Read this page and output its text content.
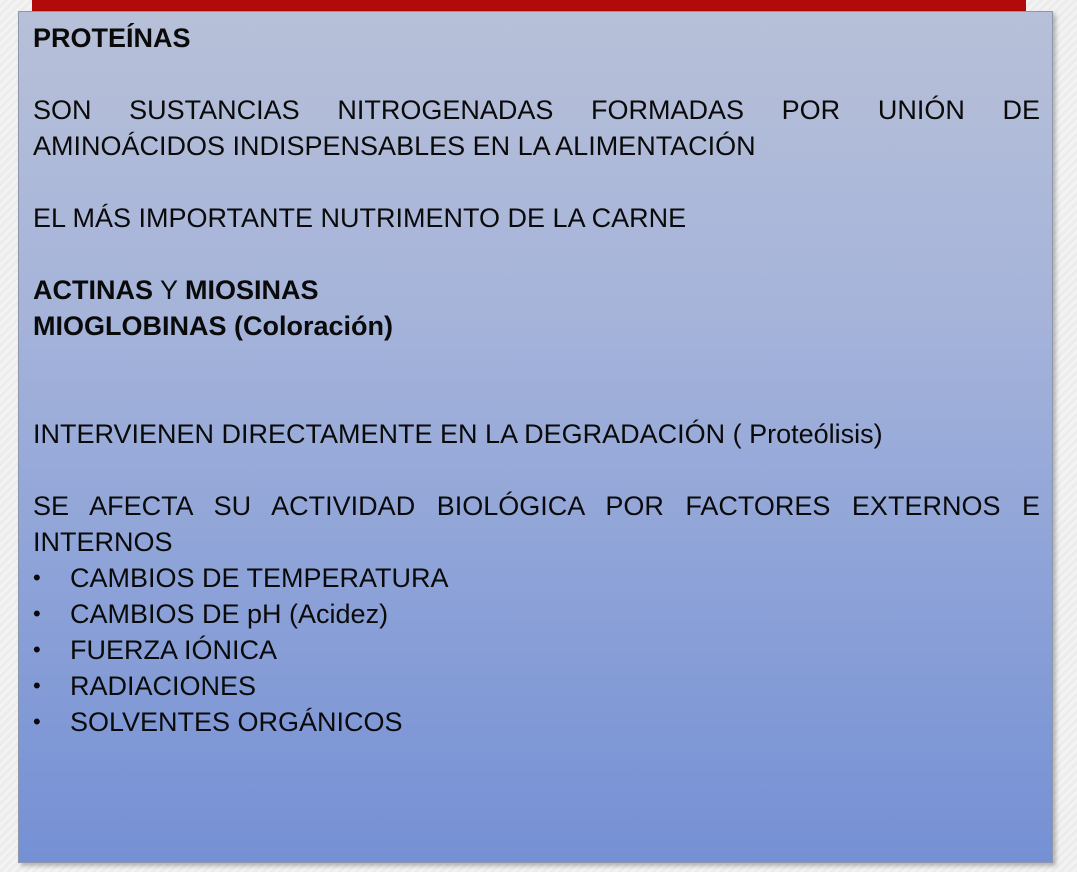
PROTEÍNAS

SON SUSTANCIAS NITROGENADAS FORMADAS POR UNIÓN DE AMINOÁCIDOS INDISPENSABLES EN LA ALIMENTACIÓN

EL MÁS IMPORTANTE NUTRIMENTO DE LA CARNE

ACTINAS Y MIOSINAS

MIOGLOBINAS (Coloración)

INTERVIENEN DIRECTAMENTE EN LA DEGRADACIÓN ( Proteólisis)

SE AFECTA SU ACTIVIDAD BIOLÓGICA POR FACTORES EXTERNOS E INTERNOS

•	CAMBIOS DE TEMPERATURA
•	CAMBIOS DE pH (Acidez)
•	FUERZA IÓNICA
•	RADIACIONES
•	SOLVENTES ORGÁNICOS
